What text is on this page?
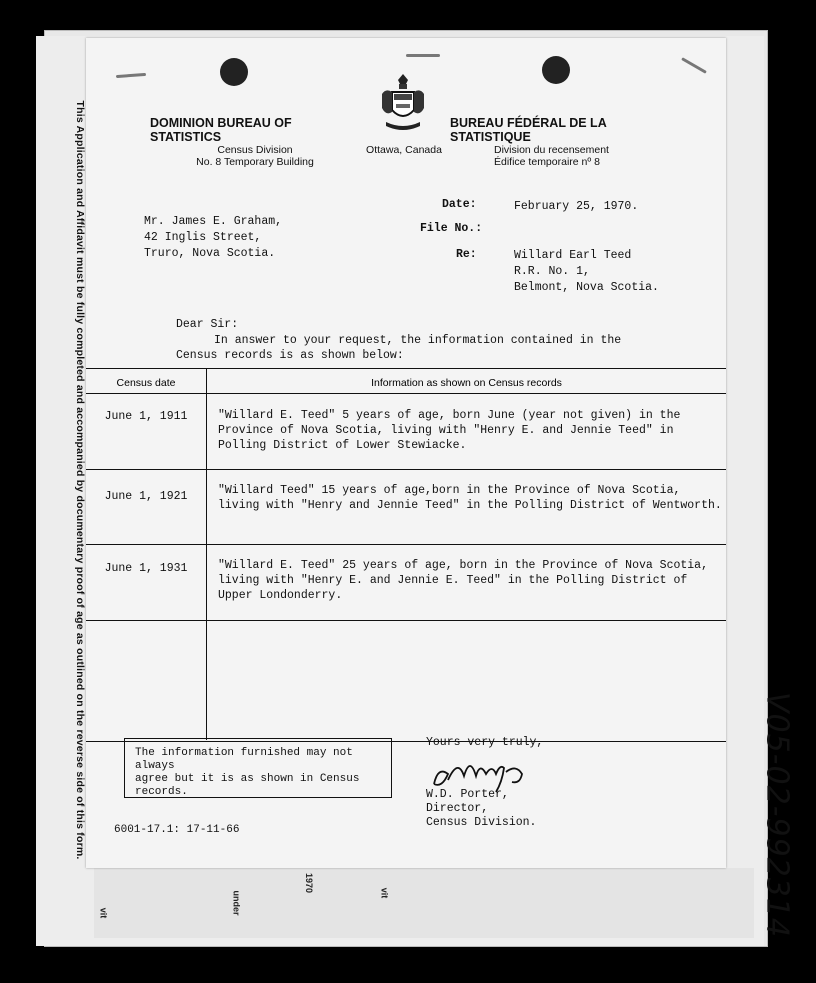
This Application and Affidavit must be fully completed and accompanied by documentary proof of age as outlined on the reverse side of this form.
vit	under
1970	vit
DOMINION BUREAU OF STATISTICS
Census Division
No. 8 Temporary Building
Ottawa, Canada
BUREAU FÉDÉRAL DE LA STATISTIQUE
Division du recensement
Édifice temporaire nº 8
Date:	February 25, 1970.
File No.:
Re:	Willard Earl Teed
R.R. No. 1,
Belmont, Nova Scotia.
Mr. James E. Graham,
42 Inglis Street,
Truro, Nova Scotia.
Dear Sir:
In answer to your request, the information contained in the
Census records is as shown below:
Census date	Information as shown on Census records
June 1, 1911	"Willard E. Teed" 5 years of age, born June (year not given) in the
Province of Nova Scotia, living with "Henry E. and Jennie Teed" in
Polling District of Lower Stewiacke.
June 1, 1921	"Willard Teed" 15 years of age,born in the Province of Nova Scotia,
living with "Henry and Jennie Teed" in the Polling District of Wentworth.
June 1, 1931	"Willard E. Teed" 25 years of age, born in the Province of Nova Scotia,
living with "Henry E. and Jennie E. Teed" in the Polling District of
Upper Londonderry.
The information furnished may not always
agree but it is as shown in Census
records.
Yours very truly,
W.D. Porter,
Director,
Census Division.
6001-17.1: 17-11-66	V05-02-992314
